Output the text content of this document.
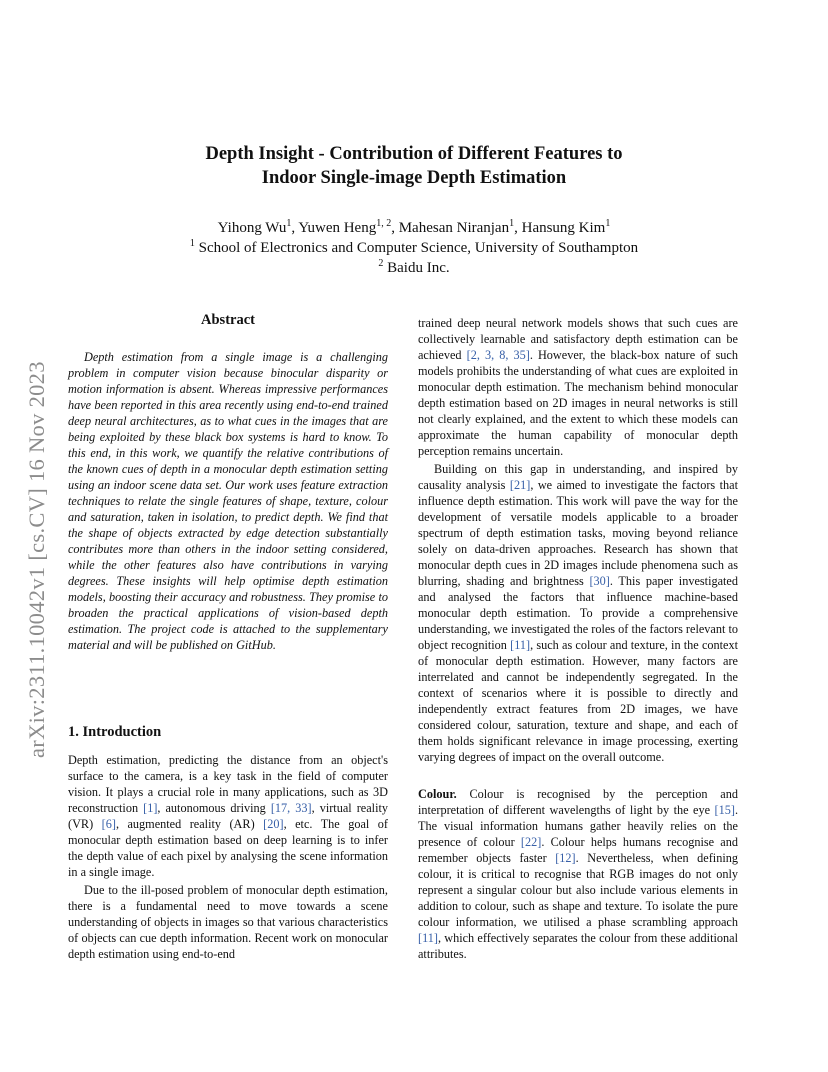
arXiv:2311.10042v1 [cs.CV] 16 Nov 2023
Depth Insight - Contribution of Different Features to
Indoor Single-image Depth Estimation
Yihong Wu$^1$, Yuwen Heng$^{1, 2}$, Mahesan Niranjan$^1$, Hansung Kim$^1$
$^1$ School of Electronics and Computer Science, University of Southampton
$^2$ Baidu Inc.
Abstract
Depth estimation from a single image is a challenging problem in computer vision because binocular disparity or motion information is absent. Whereas impressive performances have been reported in this area recently using end-to-end trained deep neural architectures, as to what cues in the images that are being exploited by these black box systems is hard to know. To this end, in this work, we quantify the relative contributions of the known cues of depth in a monocular depth estimation setting using an indoor scene data set. Our work uses feature extraction techniques to relate the single features of shape, texture, colour and saturation, taken in isolation, to predict depth. We find that the shape of objects extracted by edge detection substantially contributes more than others in the indoor setting considered, while the other features also have contributions in varying degrees. These insights will help optimise depth estimation models, boosting their accuracy and robustness. They promise to broaden the practical applications of vision-based depth estimation. The project code is attached to the supplementary material and will be published on GitHub.
1. Introduction

Depth estimation, predicting the distance from an object's surface to the camera, is a key task in the field of computer vision. It plays a crucial role in many applications, such as 3D reconstruction [1], autonomous driving [17, 33], virtual reality (VR) [6], augmented reality (AR) [20], etc. The goal of monocular depth estimation based on deep learning is to infer the depth value of each pixel by analysing the scene information in a single image.

Due to the ill-posed problem of monocular depth estimation, there is a fundamental need to move towards a scene understanding of objects in images so that various characteristics of objects can cue depth information. Recent work on monocular depth estimation using end-to-end

trained deep neural network models shows that such cues are collectively learnable and satisfactory depth estimation can be achieved [2, 3, 8, 35]. However, the black-box nature of such models prohibits the understanding of what cues are exploited in monocular depth estimation. The mechanism behind monocular depth estimation based on 2D images in neural networks is still not clearly explained, and the extent to which these models can approximate the human capability of monocular depth perception remains uncertain.

Building on this gap in understanding, and inspired by causality analysis [21], we aimed to investigate the factors that influence depth estimation. This work will pave the way for the development of versatile models applicable to a broader spectrum of depth estimation tasks, moving beyond reliance solely on data-driven approaches. Research has shown that monocular depth cues in 2D images include phenomena such as blurring, shading and brightness [30]. This paper investigated and analysed the factors that influence machine-based monocular depth estimation. To provide a comprehensive understanding, we investigated the roles of the factors relevant to object recognition [11], such as colour and texture, in the context of monocular depth estimation. However, many factors are interrelated and cannot be independently segregated. In the context of scenarios where it is possible to directly and independently extract features from 2D images, we have considered colour, saturation, texture and shape, and each of them holds significant relevance in image processing, exerting varying degrees of impact on the overall outcome.

Colour. Colour is recognised by the perception and interpretation of different wavelengths of light by the eye [15]. The visual information humans gather heavily relies on the presence of colour [22]. Colour helps humans recognise and remember objects faster [12]. Nevertheless, when defining colour, it is critical to recognise that RGB images do not only represent a singular colour but also include various elements in addition to colour, such as shape and texture. To isolate the pure colour information, we utilised a phase scrambling approach [11], which effectively separates the colour from these additional attributes.
